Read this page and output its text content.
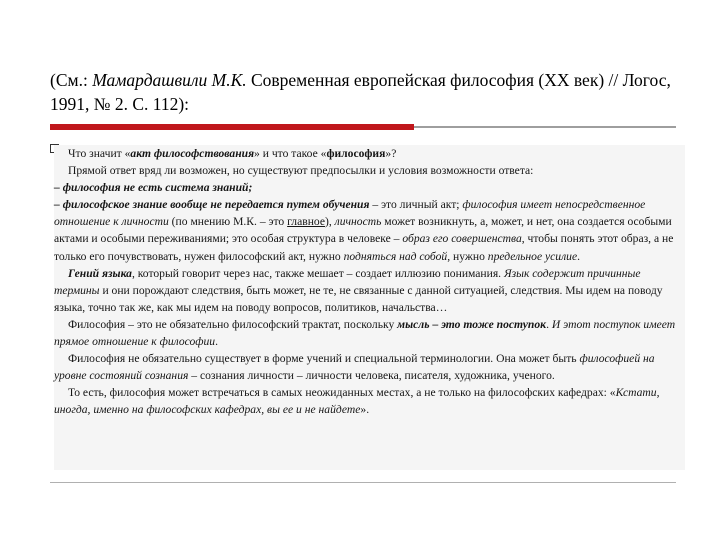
(См.: Мамардашвили М.К. Современная европейская философия (XX век) // Логос, 1991, № 2. С. 112):

Что значит «акт философствования» и что такое «философия»?

Прямой ответ вряд ли возможен, но существуют предпосылки и условия возможности ответа:

– философия не есть система знаний;

– философское знание вообще не передается путем обучения – это личный акт; философия имеет непосредственное отношение к личности (по мнению М.К. – это главное), личность может возникнуть, а, может, и нет, она создается особыми актами и особыми переживаниями; это особая структура в человеке – образ его совершенства, чтобы понять этот образ, а не только его почувствовать, нужен философский акт, нужно подняться над собой, нужно предельное усилие.

Гений языка, который говорит через нас, также мешает – создает иллюзию понимания. Язык содержит причинные термины и они порождают следствия, быть может, не те, не связанные с данной ситуацией, следствия. Мы идем на поводу языка, точно так же, как мы идем на поводу вопросов, политиков, начальства…

Философия – это не обязательно философский трактат, поскольку мысль – это тоже поступок. И этот поступок имеет прямое отношение к философии.

Философия не обязательно существует в форме учений и специальной терминологии. Она может быть философией на уровне состояний сознания – сознания личности – личности человека, писателя, художника, ученого.

То есть, философия может встречаться в самых неожиданных местах, а не только на философских кафедрах: «Кстати, иногда, именно на философских кафедрах, вы ее и не найдете».
